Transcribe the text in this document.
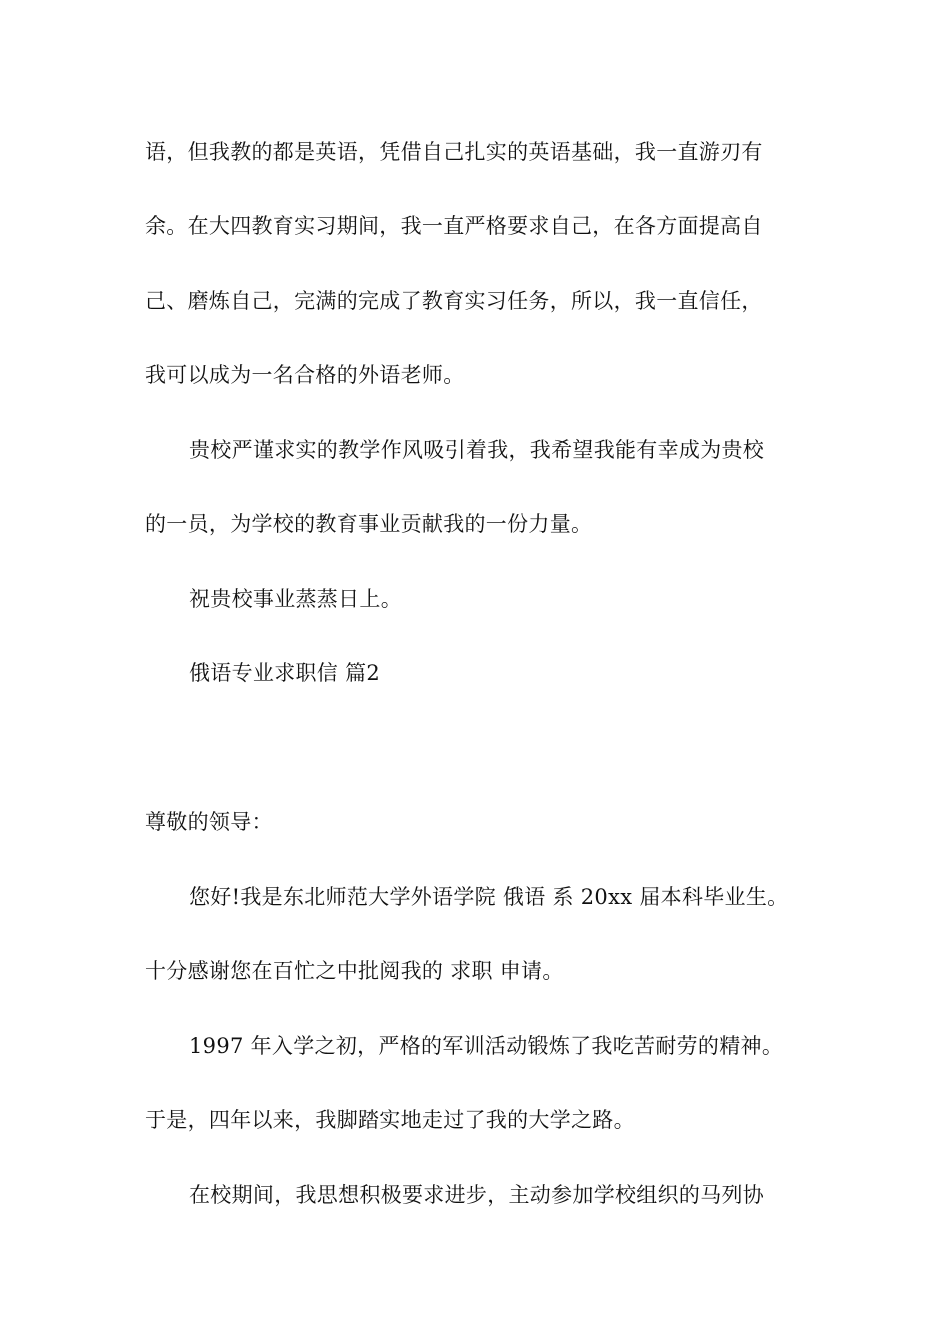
语，但我教的都是英语，凭借自己扎实的英语基础，我一直游刃有
余。在大四教育实习期间，我一直严格要求自己，在各方面提高自
己、磨炼自己，完满的完成了教育实习任务，所以，我一直信任，
我可以成为一名合格的外语老师。
贵校严谨求实的教学作风吸引着我，我希望我能有幸成为贵校
的一员，为学校的教育事业贡献我的一份力量。
祝贵校事业蒸蒸日上。
俄语专业求职信 篇2
尊敬的领导：
您好!我是东北师范大学外语学院 俄语 系 20xx 届本科毕业生。
十分感谢您在百忙之中批阅我的 求职 申请。
1997 年入学之初，严格的军训活动锻炼了我吃苦耐劳的精神。
于是，四年以来，我脚踏实地走过了我的大学之路。
在校期间，我思想积极要求进步，主动参加学校组织的马列协
